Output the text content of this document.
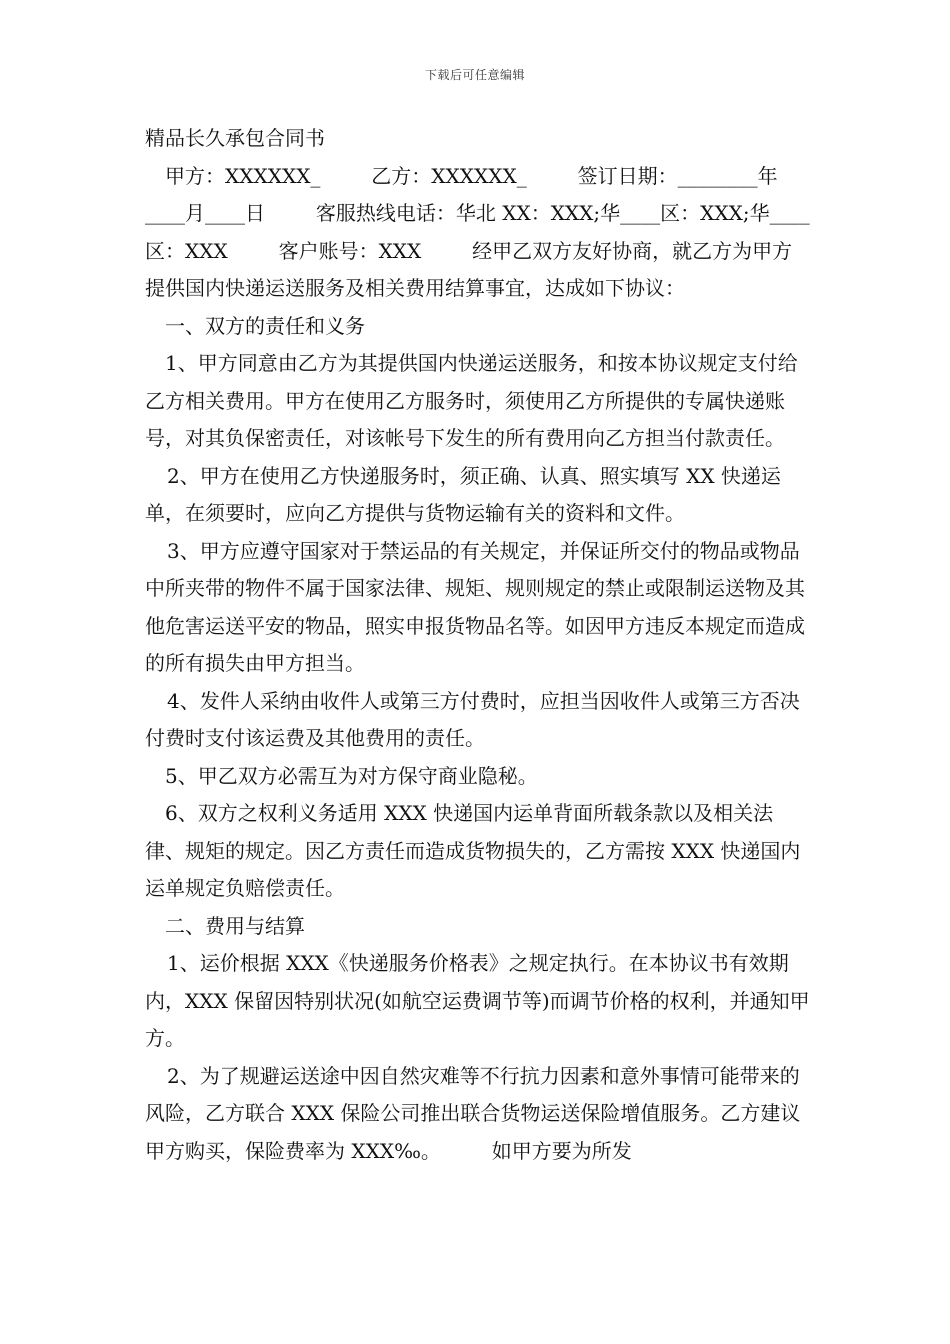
下载后可任意编辑

精品长久承包合同书

甲方：XXXXXX_        乙方：XXXXXX_        签订日期：________年____月____日        客服热线电话：华北 XX：XXX;华____区：XXX;华____区：XXX        客户账号：XXX        经甲乙双方友好协商，就乙方为甲方提供国内快递运送服务及相关费用结算事宜，达成如下协议：

一、双方的责任和义务

1、甲方同意由乙方为其提供国内快递运送服务，和按本协议规定支付给乙方相关费用。甲方在使用乙方服务时，须使用乙方所提供的专属快递账号，对其负保密责任，对该帐号下发生的所有费用向乙方担当付款责任。

2、甲方在使用乙方快递服务时，须正确、认真、照实填写 XX 快递运单，在须要时，应向乙方提供与货物运输有关的资料和文件。

3、甲方应遵守国家对于禁运品的有关规定，并保证所交付的物品或物品中所夹带的物件不属于国家法律、规矩、规则规定的禁止或限制运送物及其他危害运送平安的物品，照实申报货物品名等。如因甲方违反本规定而造成的所有损失由甲方担当。

4、发件人采纳由收件人或第三方付费时，应担当因收件人或第三方否决付费时支付该运费及其他费用的责任。

5、甲乙双方必需互为对方保守商业隐秘。

6、双方之权利义务适用 XXX 快递国内运单背面所载条款以及相关法律、规矩的规定。因乙方责任而造成货物损失的，乙方需按 XXX 快递国内运单规定负赔偿责任。

二、费用与结算

1、运价根据 XXX《快递服务价格表》之规定执行。在本协议书有效期内，XXX 保留因特别状况(如航空运费调节等)而调节价格的权利，并通知甲方。

2、为了规避运送途中因自然灾难等不行抗力因素和意外事情可能带来的风险，乙方联合 XXX 保险公司推出联合货物运送保险增值服务。乙方建议甲方购买，保险费率为 XXX‰。        如甲方要为所发
